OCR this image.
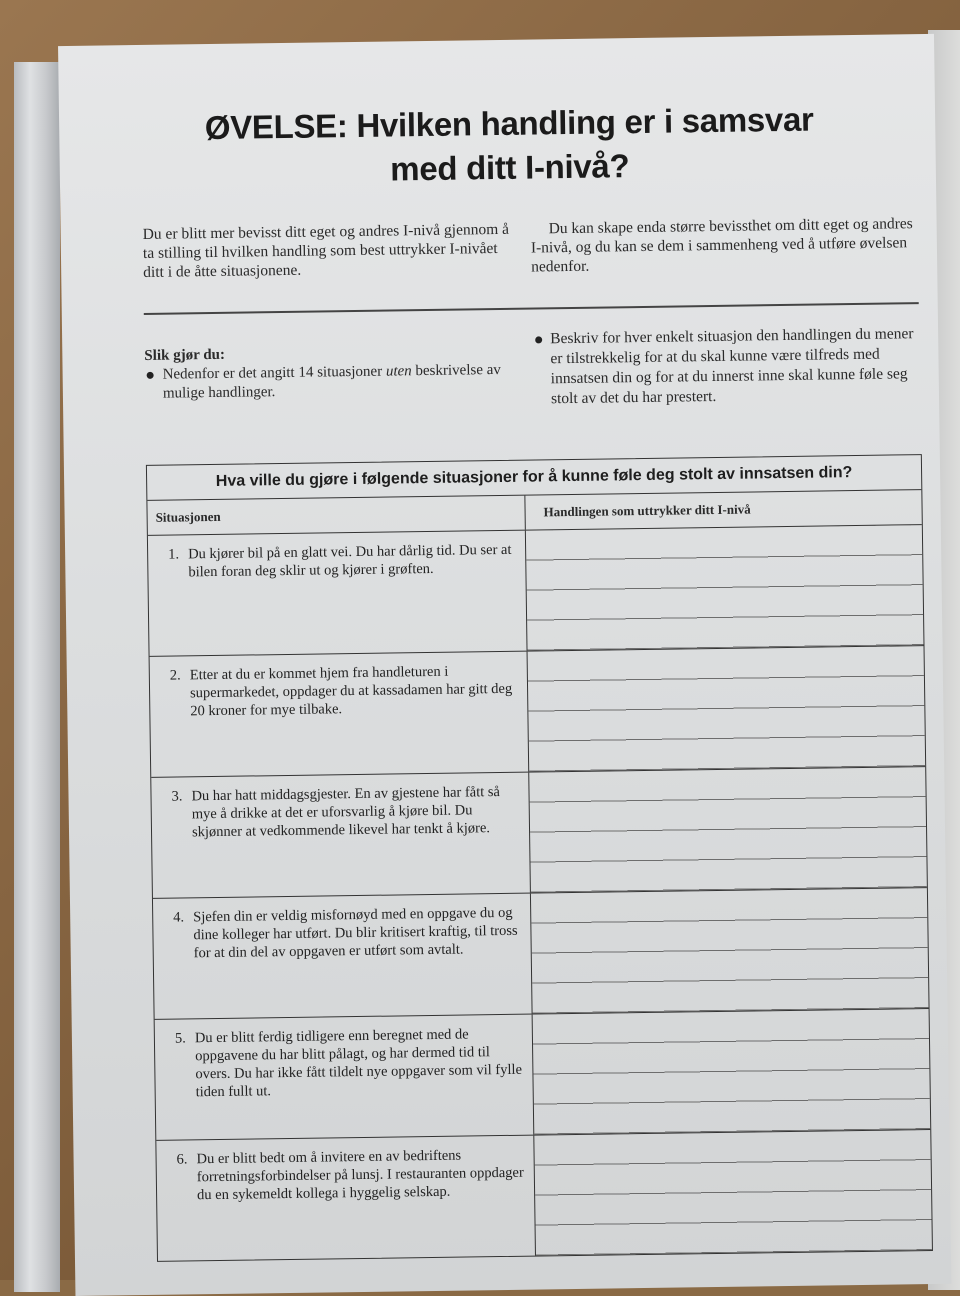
ØVELSE: Hvilken handling er i samsvar
med ditt I-nivå?
Du er blitt mer bevisst ditt eget og andres I-nivå gjennom å ta stilling til hvilken handling som best uttrykker I-nivået ditt i de åtte situasjonene.
Du kan skape enda større bevissthet om ditt eget og andres I-nivå, og du kan se dem i sammenheng ved å utføre øvelsen nedenfor.
Slik gjør du:
Nedenfor er det angitt 14 situasjoner uten beskrivelse av mulige handlinger.
Beskriv for hver enkelt situasjon den handlingen du mener er tilstrekkelig for at du skal kunne være tilfreds med innsatsen din og for at du innerst inne skal kunne føle seg stolt av det du har prestert.
Hva ville du gjøre i følgende situasjoner for å kunne føle deg stolt av innsatsen din?
Situasjonen	Handlingen som uttrykker ditt I-nivå
1. Du kjører bil på en glatt vei. Du har dårlig tid. Du ser at bilen foran deg sklir ut og kjører i grøften.
2. Etter at du er kommet hjem fra handleturen i supermarkedet, oppdager du at kassadamen har gitt deg 20 kroner for mye tilbake.
3. Du har hatt middagsgjester. En av gjestene har fått så mye å drikke at det er uforsvarlig å kjøre bil. Du skjønner at vedkommende likevel har tenkt å kjøre.
4. Sjefen din er veldig misfornøyd med en oppgave du og dine kolleger har utført. Du blir kritisert kraftig, til tross for at din del av oppgaven er utført som avtalt.
5. Du er blitt ferdig tidligere enn beregnet med de oppgavene du har blitt pålagt, og har dermed tid til overs. Du har ikke fått tildelt nye oppgaver som vil fylle tiden fullt ut.
6. Du er blitt bedt om å invitere en av bedriftens forretningsforbindelser på lunsj. I restauranten oppdager du en sykemeldt kollega i hyggelig selskap.
